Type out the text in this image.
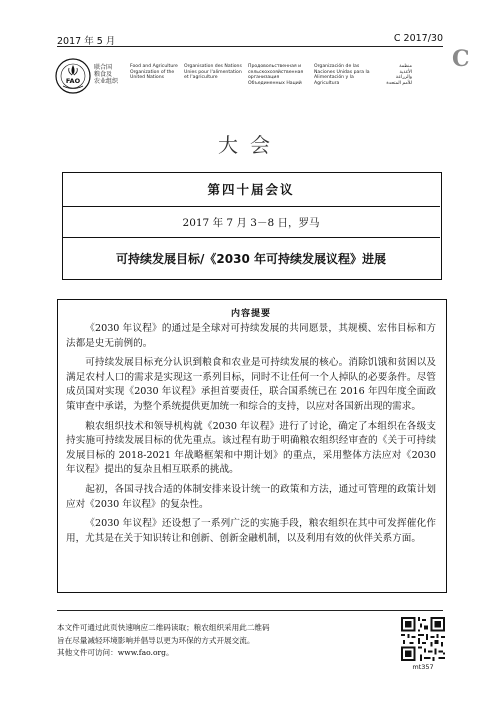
2017 年 5 月	C 2017/30
C
FAO
联合国
粮食及
农业组织
Food and Agriculture
Organization of the
United Nations
Organisation des Nations
Unies pour l'alimentation
et l'agriculture
Продовольственная и
сельскохозяйственная организация
Объединенных Наций
Organización de las
Naciones Unidas para la
Alimentación y la Agricultura
منظمة
الأغذية والزراعة
للأمم المتحدة
大会
第四十届会议
2017 年 7 月 3－8 日，罗马
可持续发展目标/《2030 年可持续发展议程》进展
内容提要

《2030 年议程》的通过是全球对可持续发展的共同愿景，其规模、宏伟目标和方法都是史无前例的。

可持续发展目标充分认识到粮食和农业是可持续发展的核心。消除饥饿和贫困以及满足农村人口的需求是实现这一系列目标，同时不让任何一个人掉队的必要条件。尽管成员国对实现《2030 年议程》承担首要责任，联合国系统已在 2016 年四年度全面政策审查中承诺，为整个系统提供更加统一和综合的支持，以应对各国新出现的需求。

粮农组织技术和领导机构就《2030 年议程》进行了讨论，确定了本组织在各级支持实施可持续发展目标的优先重点。该过程有助于明确粮农组织经审查的《关于可持续发展目标的 2018-2021 年战略框架和中期计划》的重点，采用整体方法应对《2030 年议程》提出的复杂且相互联系的挑战。

起初，各国寻找合适的体制安排来设计统一的政策和方法，通过可管理的政策计划应对《2030 年议程》的复杂性。

《2030 年议程》还设想了一系列广泛的实施手段，粮农组织在其中可发挥催化作用，尤其是在关于知识转让和创新、创新金融机制，以及利用有效的伙伴关系方面。

本文件可通过此页快速响应二维码读取；粮农组织采用此二维码
旨在尽量减轻环境影响并倡导以更为环保的方式开展交流。
其他文件可访问：www.fao.org。
mt357
